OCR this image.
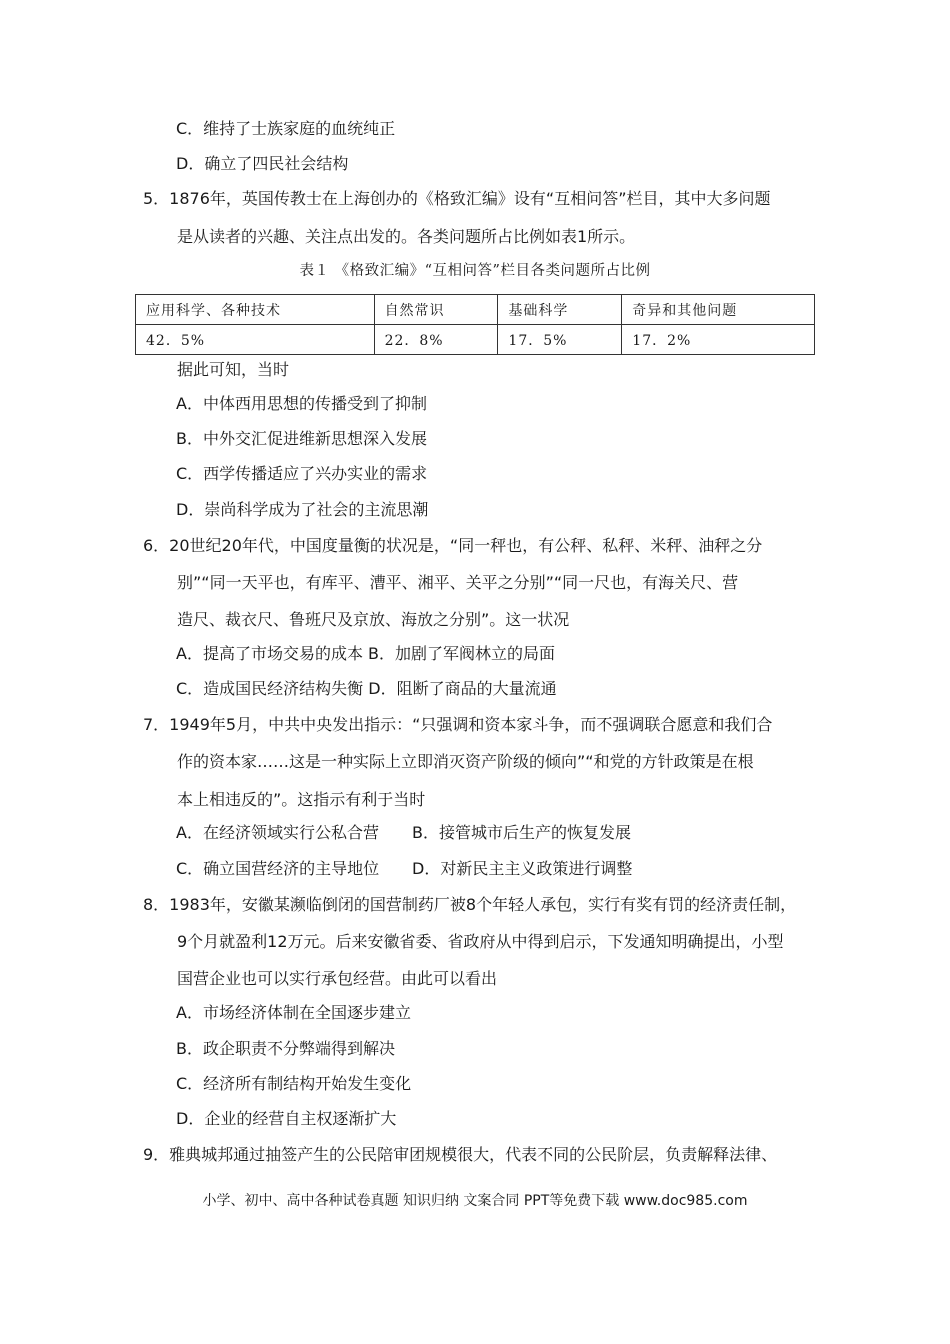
C．维持了士族家庭的血统纯正
D．确立了四民社会结构
5．1876年，英国传教士在上海创办的《格致汇编》设有“互相问答”栏目，其中大多问题
是从读者的兴趣、关注点出发的。各类问题所占比例如表1所示。
表１ 《格致汇编》“互相问答”栏目各类问题所占比例
应用科学、各种技术	自然常识	基础科学	奇异和其他问题
42．5%	22．8%	17．5%	17．2%
据此可知，当时
A．中体西用思想的传播受到了抑制
B．中外交汇促进维新思想深入发展
C．西学传播适应了兴办实业的需求
D．崇尚科学成为了社会的主流思潮
6．20世纪20年代，中国度量衡的状况是，“同一秤也，有公秤、私秤、米秤、油秤之分
别”“同一天平也，有库平、漕平、湘平、关平之分别”“同一尺也，有海关尺、营
造尺、裁衣尺、鲁班尺及京放、海放之分别”。这一状况
A．提高了市场交易的成本 B．加剧了军阀林立的局面
C．造成国民经济结构失衡 D．阻断了商品的大量流通
7．1949年5月，中共中央发出指示：“只强调和资本家斗争，而不强调联合愿意和我们合
作的资本家……这是一种实际上立即消灭资产阶级的倾向”“和党的方针政策是在根
本上相违反的”。这指示有利于当时
A．在经济领域实行公私合营 B．接管城市后生产的恢复发展
C．确立国营经济的主导地位 D．对新民主主义政策进行调整
8．1983年，安徽某濒临倒闭的国营制药厂被8个年轻人承包，实行有奖有罚的经济责任制，
9个月就盈利12万元。后来安徽省委、省政府从中得到启示，下发通知明确提出，小型
国营企业也可以实行承包经营。由此可以看出
A．市场经济体制在全国逐步建立
B．政企职责不分弊端得到解决
C．经济所有制结构开始发生变化
D．企业的经营自主权逐渐扩大
9．雅典城邦通过抽签产生的公民陪审团规模很大，代表不同的公民阶层，负责解释法律、
小学、初中、高中各种试卷真题 知识归纳 文案合同 PPT等免费下载 www.doc985.com
